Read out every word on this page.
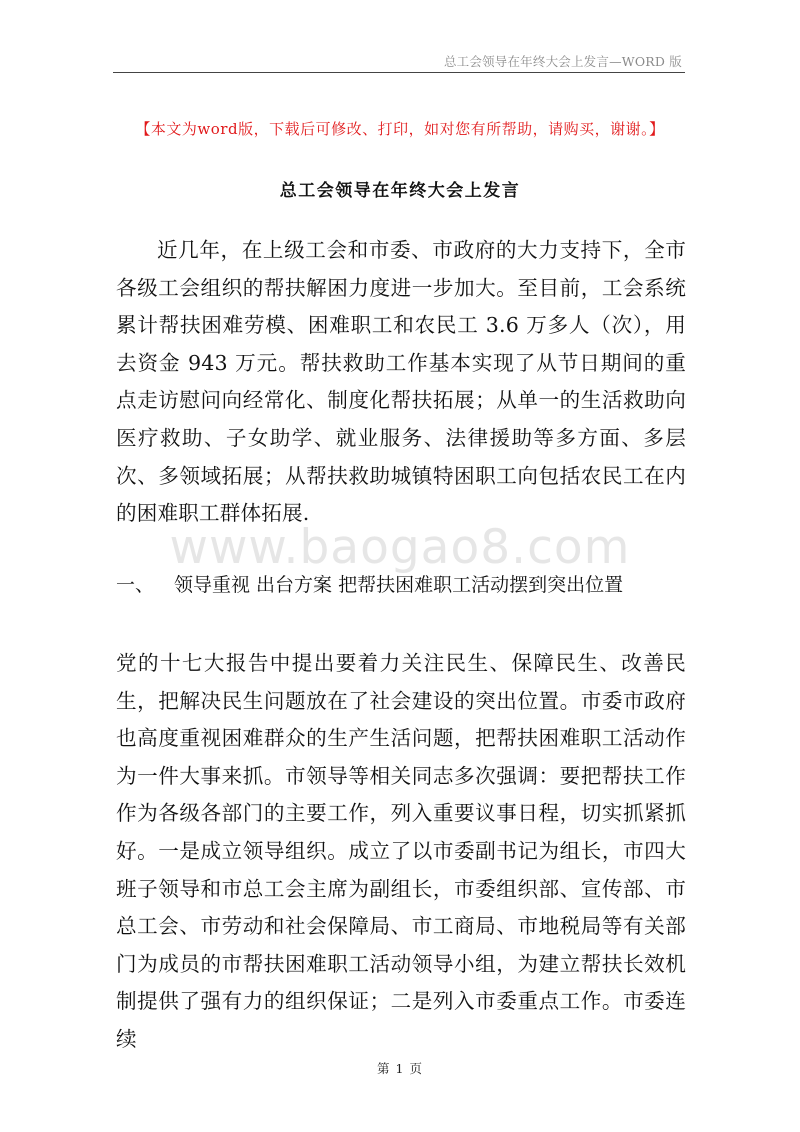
总工会领导在年终大会上发言—WORD 版
【本文为word版，下载后可修改、打印，如对您有所帮助，请购买，谢谢。】
总工会领导在年终大会上发言

近几年，在上级工会和市委、市政府的大力支持下，全市各级工会组织的帮扶解困力度进一步加大。至目前，工会系统累计帮扶困难劳模、困难职工和农民工 3.6 万多人（次），用去资金 943 万元。帮扶救助工作基本实现了从节日期间的重点走访慰问向经常化、制度化帮扶拓展；从单一的生活救助向医疗救助、子女助学、就业服务、法律援助等多方面、多层次、多领域拓展；从帮扶救助城镇特困职工向包括农民工在内的困难职工群体拓展.

www.baogao8.com
一、 领导重视 出台方案 把帮扶困难职工活动摆到突出位置

党的十七大报告中提出要着力关注民生、保障民生、改善民生，把解决民生问题放在了社会建设的突出位置。市委市政府也高度重视困难群众的生产生活问题，把帮扶困难职工活动作为一件大事来抓。市领导等相关同志多次强调：要把帮扶工作作为各级各部门的主要工作，列入重要议事日程，切实抓紧抓好。一是成立领导组织。成立了以市委副书记为组长，市四大班子领导和市总工会主席为副组长，市委组织部、宣传部、市总工会、市劳动和社会保障局、市工商局、市地税局等有关部门为成员的市帮扶困难职工活动领导小组，为建立帮扶长效机制提供了强有力的组织保证；二是列入市委重点工作。市委连续

第 1 页
